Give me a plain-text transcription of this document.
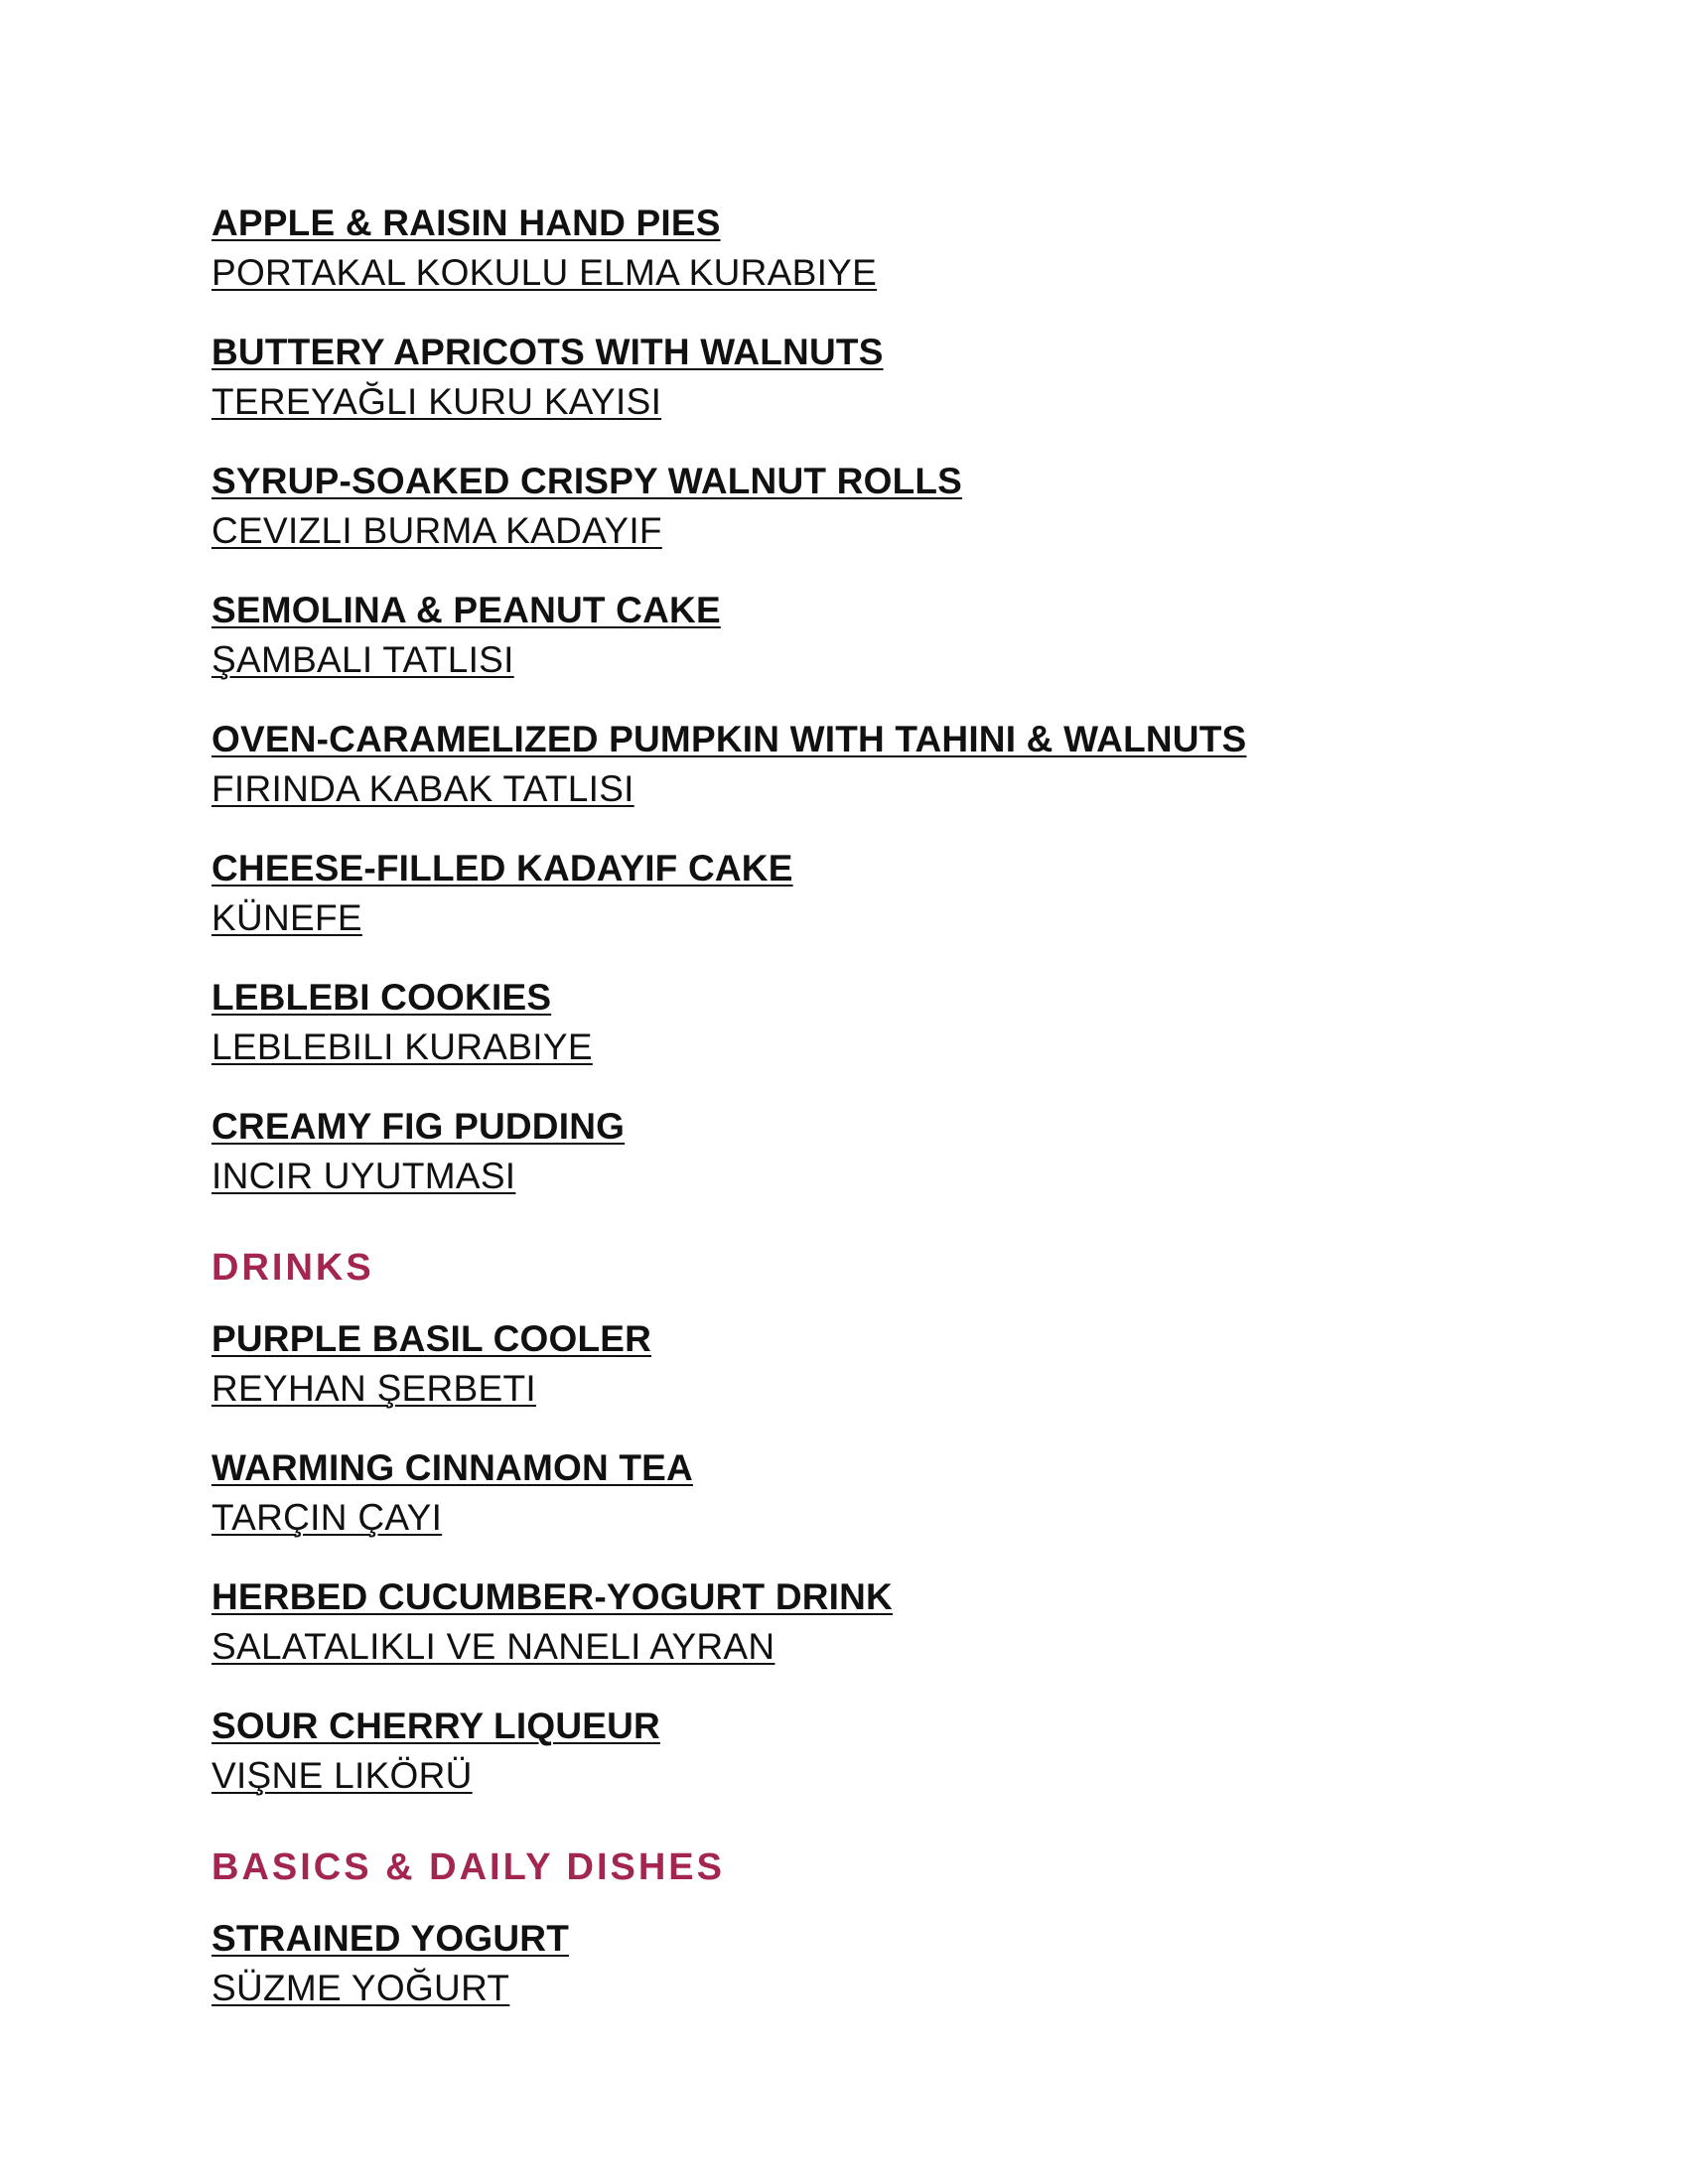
APPLE & RAISIN HAND PIES
PORTAKAL KOKULU ELMA KURABIYE
BUTTERY APRICOTS WITH WALNUTS
TEREYAĞLI KURU KAYISI
SYRUP-SOAKED CRISPY WALNUT ROLLS
CEVIZLI BURMA KADAYIF
SEMOLINA & PEANUT CAKE
ŞAMBALI TATLISI
OVEN-CARAMELIZED PUMPKIN WITH TAHINI & WALNUTS
FIRINDA KABAK TATLISI
CHEESE-FILLED KADAYIF CAKE
KÜNEFE
LEBLEBI COOKIES
LEBLEBILI KURABIYE
CREAMY FIG PUDDING
INCIR UYUTMASI
DRINKS
PURPLE BASIL COOLER
REYHAN ŞERBETI
WARMING CINNAMON TEA
TARÇIN ÇAYI
HERBED CUCUMBER-YOGURT DRINK
SALATALIKLI VE NANELI AYRAN
SOUR CHERRY LIQUEUR
VIŞNE LIKÖRÜ
BASICS & DAILY DISHES
STRAINED YOGURT
SÜZME YOĞURT
